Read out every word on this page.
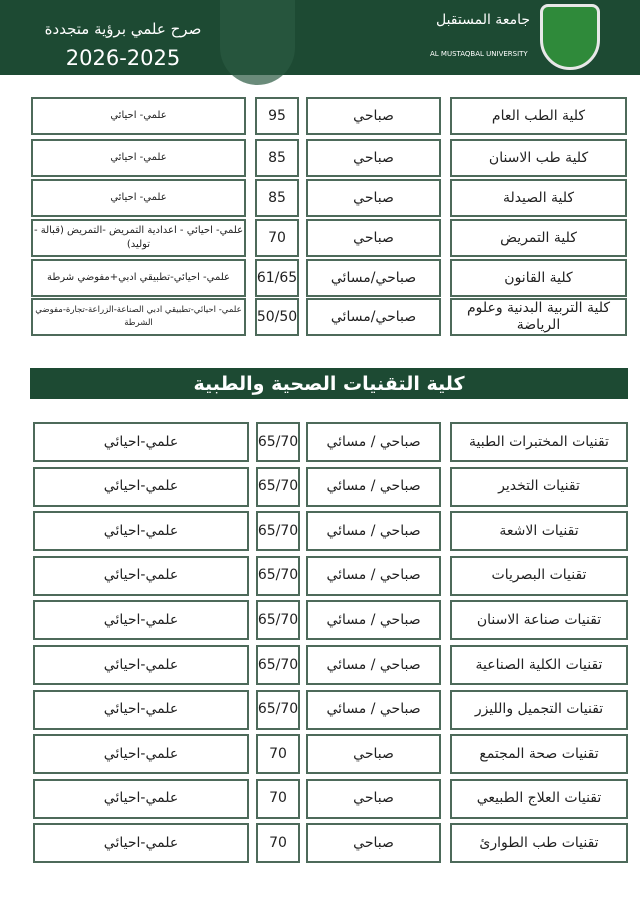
صرح علمي برؤية متجددة
2026-2025
جامعة المستقبل
AL MUSTAQBAL UNIVERSITY
كلية الطب العام
صباحي
95
علمي- احيائي
كلية طب الاسنان
صباحي
85
علمي- احيائي
كلية الصيدلة
صباحي
85
علمي- احيائي
كلية التمريض
صباحي
70
علمي- احيائي - اعدادية التمريض -التمريض (قبالة - توليد)
كلية القانون
صباحي/مسائي
61/65
علمي- احيائي-تطبيقي ادبي+مفوضي شرطة
كلية التربية البدنية وعلوم الرياضة
صباحي/مسائي
50/50
علمي- احيائي-تطبيقي ادبي الصناعة-الزراعة-تجارة-مفوضي الشرطة
كلية التقنيات الصحية والطبية
تقنيات المختبرات الطبية
صباحي / مسائي
65/70
علمي-احيائي
تقنيات التخدير
صباحي / مسائي
65/70
علمي-احيائي
تقنيات الاشعة
صباحي / مسائي
65/70
علمي-احيائي
تقنيات البصريات
صباحي / مسائي
65/70
علمي-احيائي
تقنيات صناعة الاسنان
صباحي / مسائي
65/70
علمي-احيائي
تقنيات الكلية الصناعية
صباحي / مسائي
65/70
علمي-احيائي
تقنيات التجميل والليزر
صباحي / مسائي
65/70
علمي-احيائي
تقنيات صحة المجتمع
صباحي
70
علمي-احيائي
تقنيات العلاج الطبيعي
صباحي
70
علمي-احيائي
تقنيات طب الطوارئ
صباحي
70
علمي-احيائي
